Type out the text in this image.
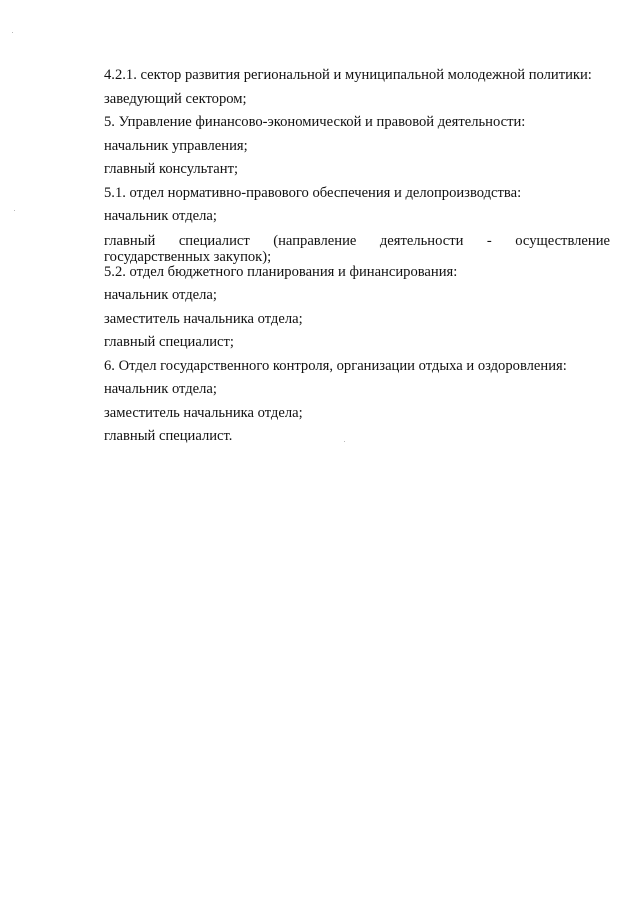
4.2.1. сектор развития региональной и муниципальной молодежной политики:
заведующий сектором;
5. Управление финансово-экономической и правовой деятельности:
начальник управления;
главный консультант;
5.1. отдел нормативно-правового обеспечения и делопроизводства:
начальник отдела;
главный специалист (направление деятельности - осуществление государственных закупок);
5.2. отдел бюджетного планирования и финансирования:
начальник отдела;
заместитель начальника отдела;
главный специалист;
6. Отдел государственного контроля, организации отдыха и оздоровления:
начальник отдела;
заместитель начальника отдела;
главный специалист.
